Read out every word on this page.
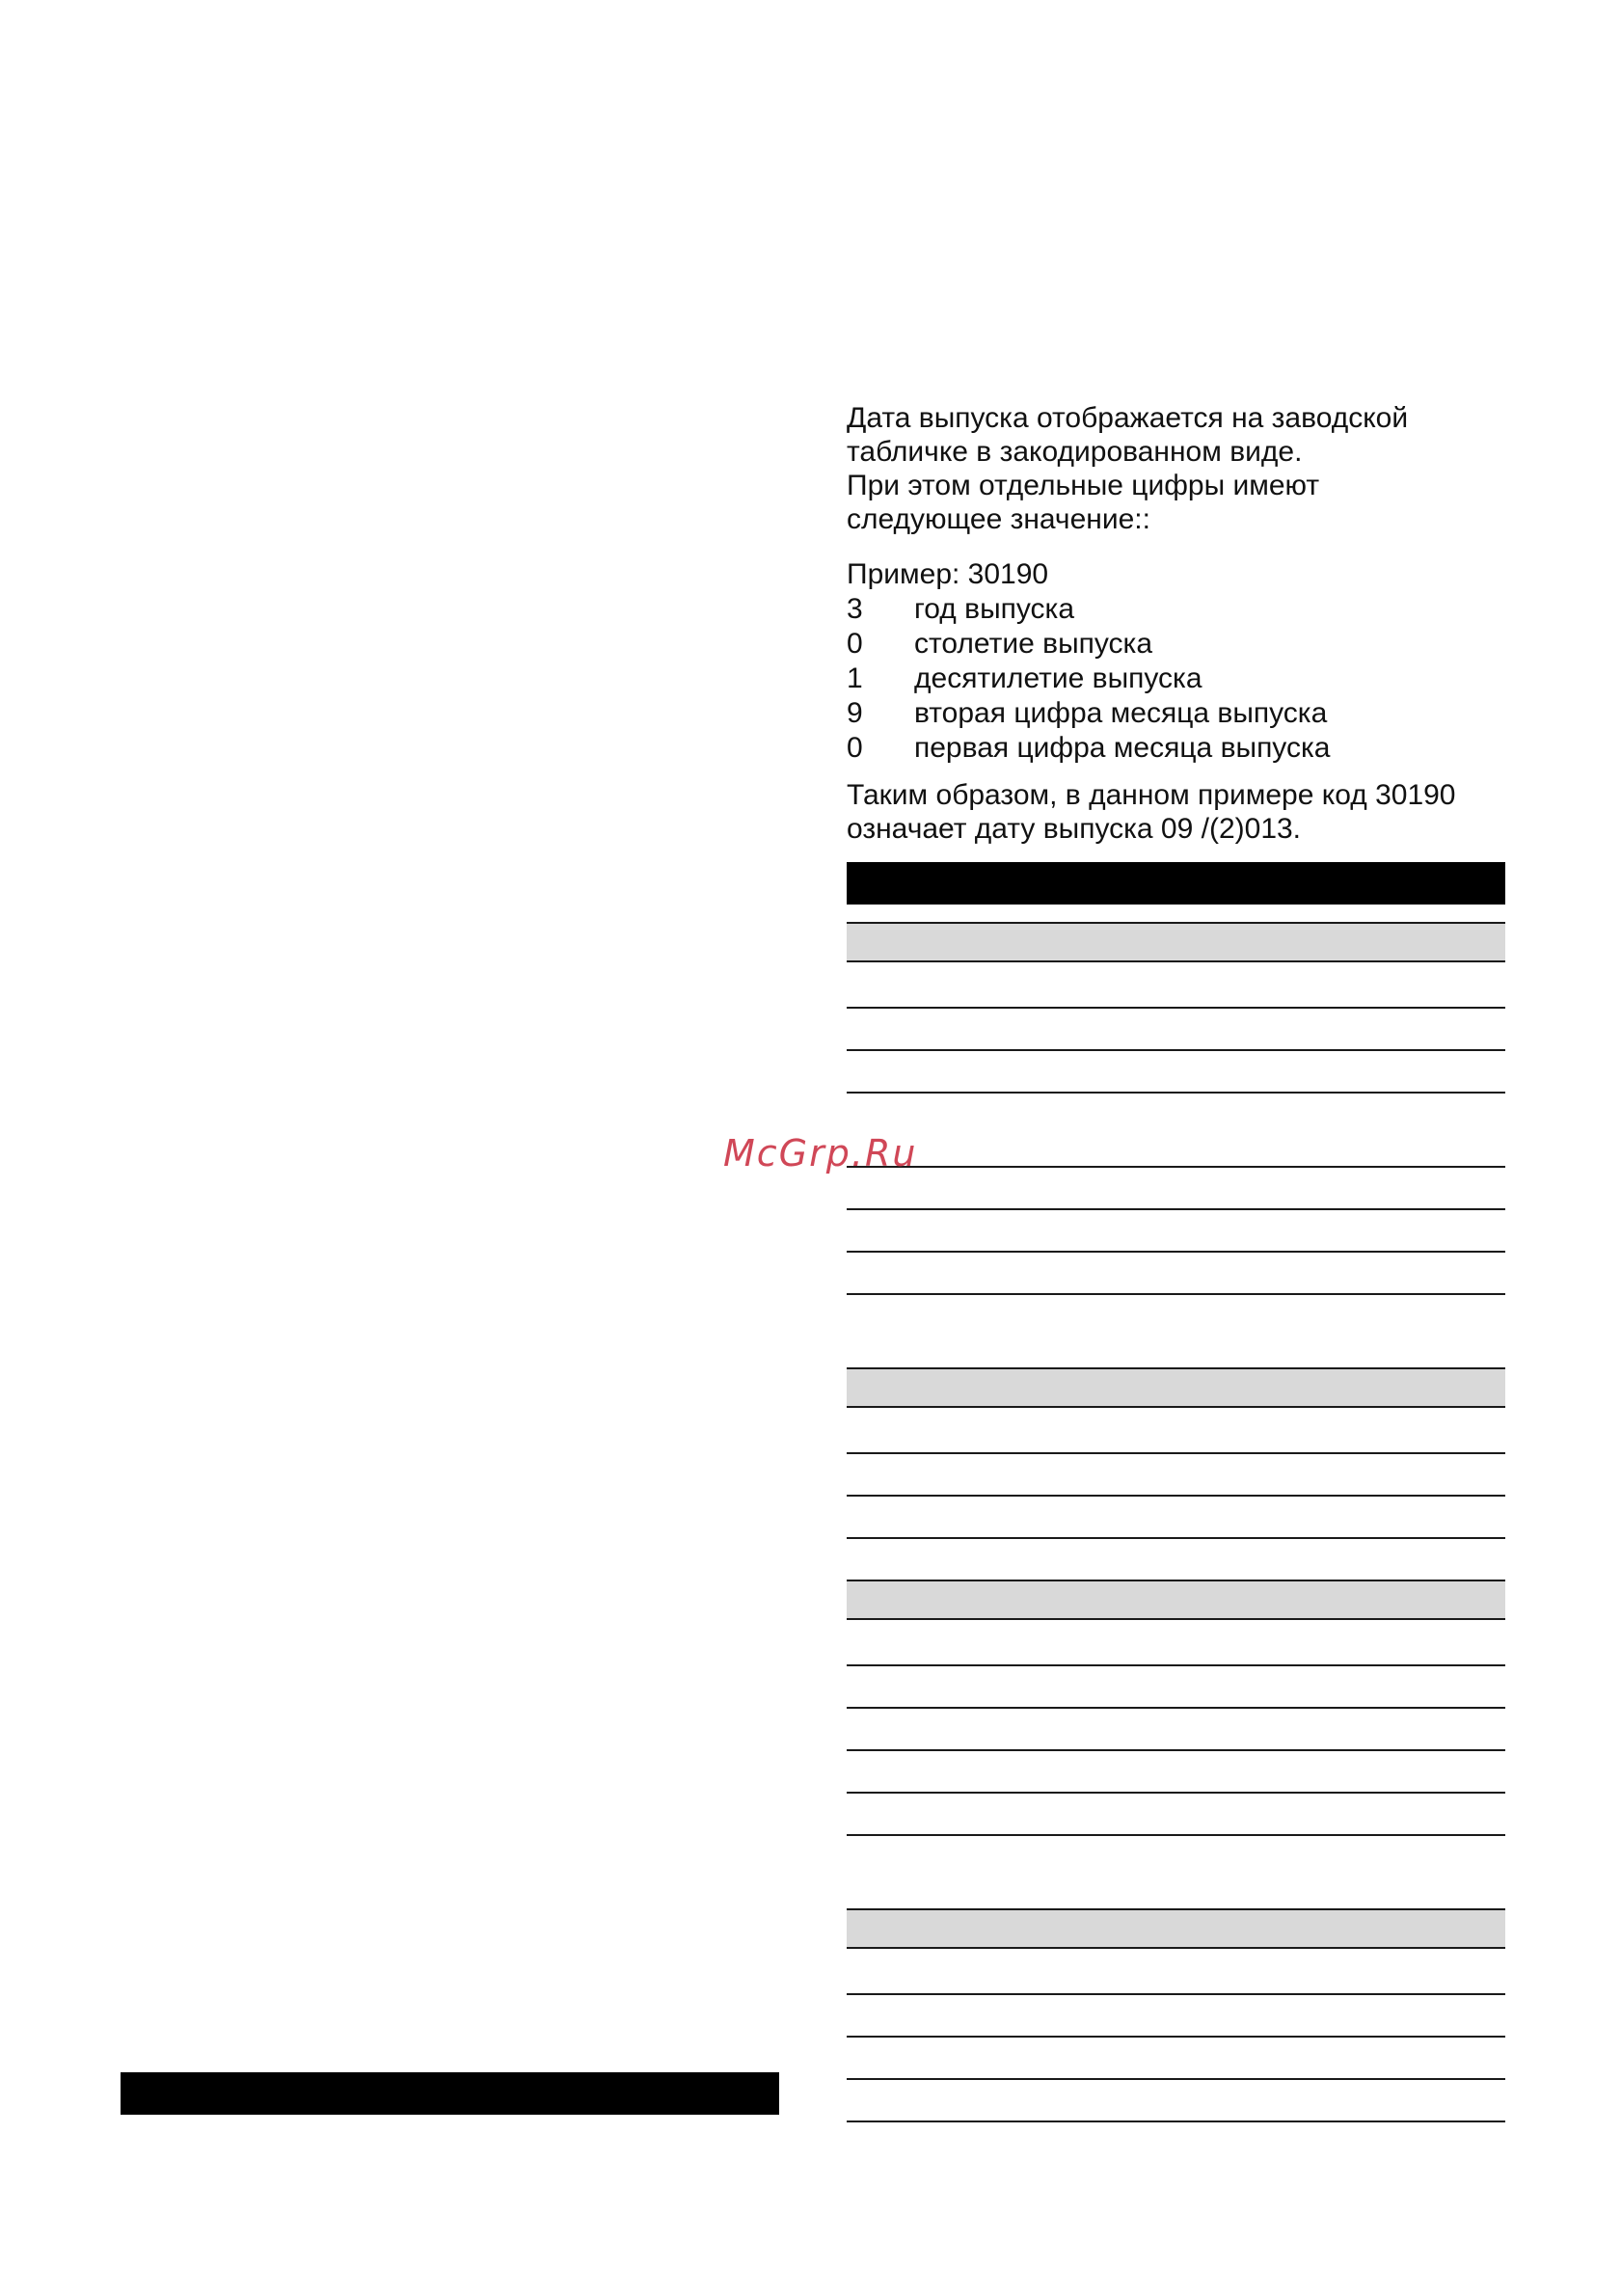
Дата выпуска отображается на заводской
табличке в закодированном виде.
При этом отдельные цифры имеют
следующее значение::

Пример: 30190
3 год выпуска
0 столетие выпуска
1 десятилетие выпуска
9 вторая цифра месяца выпуска
0 первая цифра месяца выпуска

Таким образом, в данном примере код 30190
означает дату выпуска 09 /(2)013.

McGrp.Ru
